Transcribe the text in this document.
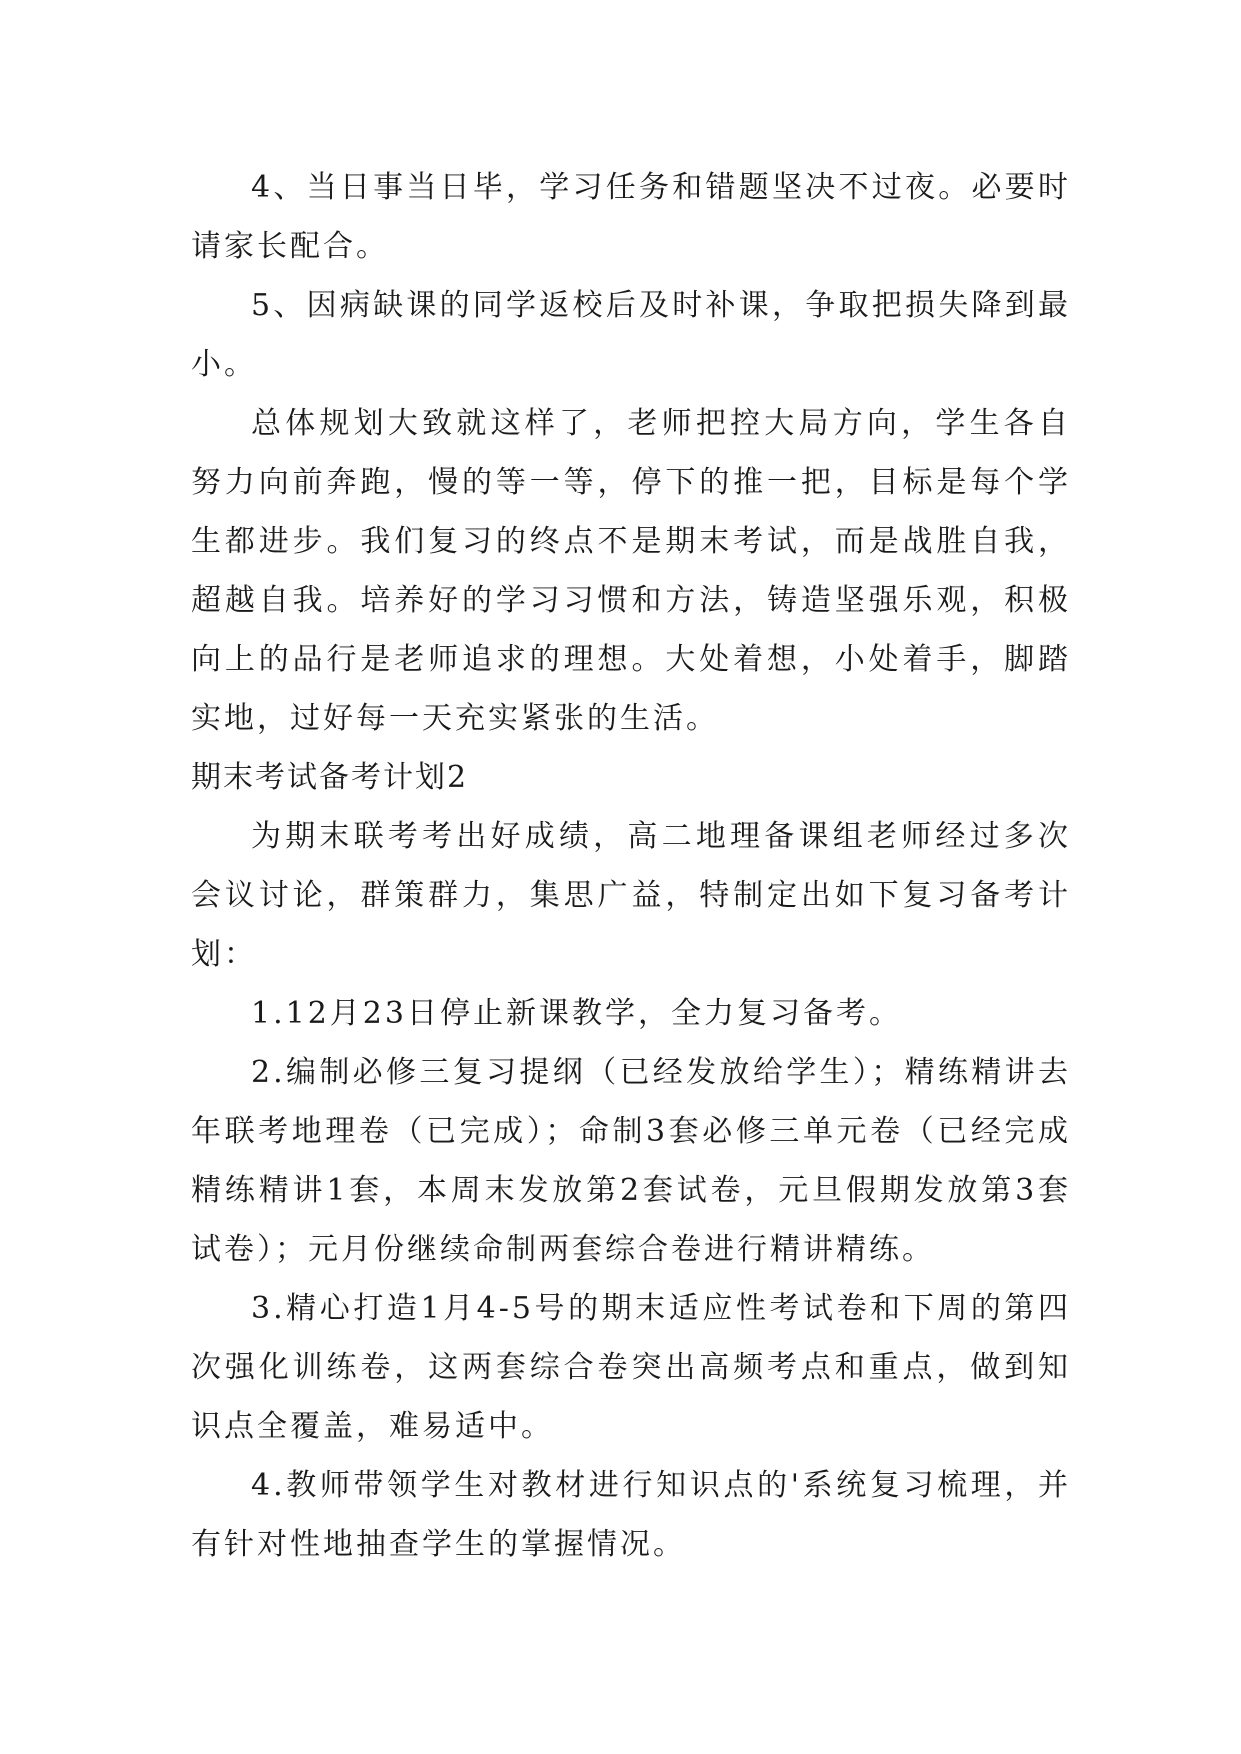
4、当日事当日毕，学习任务和错题坚决不过夜。必要时请家长配合。

5、因病缺课的同学返校后及时补课，争取把损失降到最小。

总体规划大致就这样了，老师把控大局方向，学生各自努力向前奔跑，慢的等一等，停下的推一把，目标是每个学生都进步。我们复习的终点不是期末考试，而是战胜自我，超越自我。培养好的学习习惯和方法，铸造坚强乐观，积极向上的品行是老师追求的理想。大处着想，小处着手，脚踏实地，过好每一天充实紧张的生活。

期末考试备考计划2

为期末联考考出好成绩，高二地理备课组老师经过多次会议讨论，群策群力，集思广益，特制定出如下复习备考计划：

1.12月23日停止新课教学，全力复习备考。

2.编制必修三复习提纲（已经发放给学生）；精练精讲去年联考地理卷（已完成）；命制3套必修三单元卷（已经完成精练精讲1套，本周末发放第2套试卷，元旦假期发放第3套试卷）；元月份继续命制两套综合卷进行精讲精练。

3.精心打造1月4-5号的期末适应性考试卷和下周的第四次强化训练卷，这两套综合卷突出高频考点和重点，做到知识点全覆盖，难易适中。

4.教师带领学生对教材进行知识点的'系统复习梳理，并有针对性地抽查学生的掌握情况。
